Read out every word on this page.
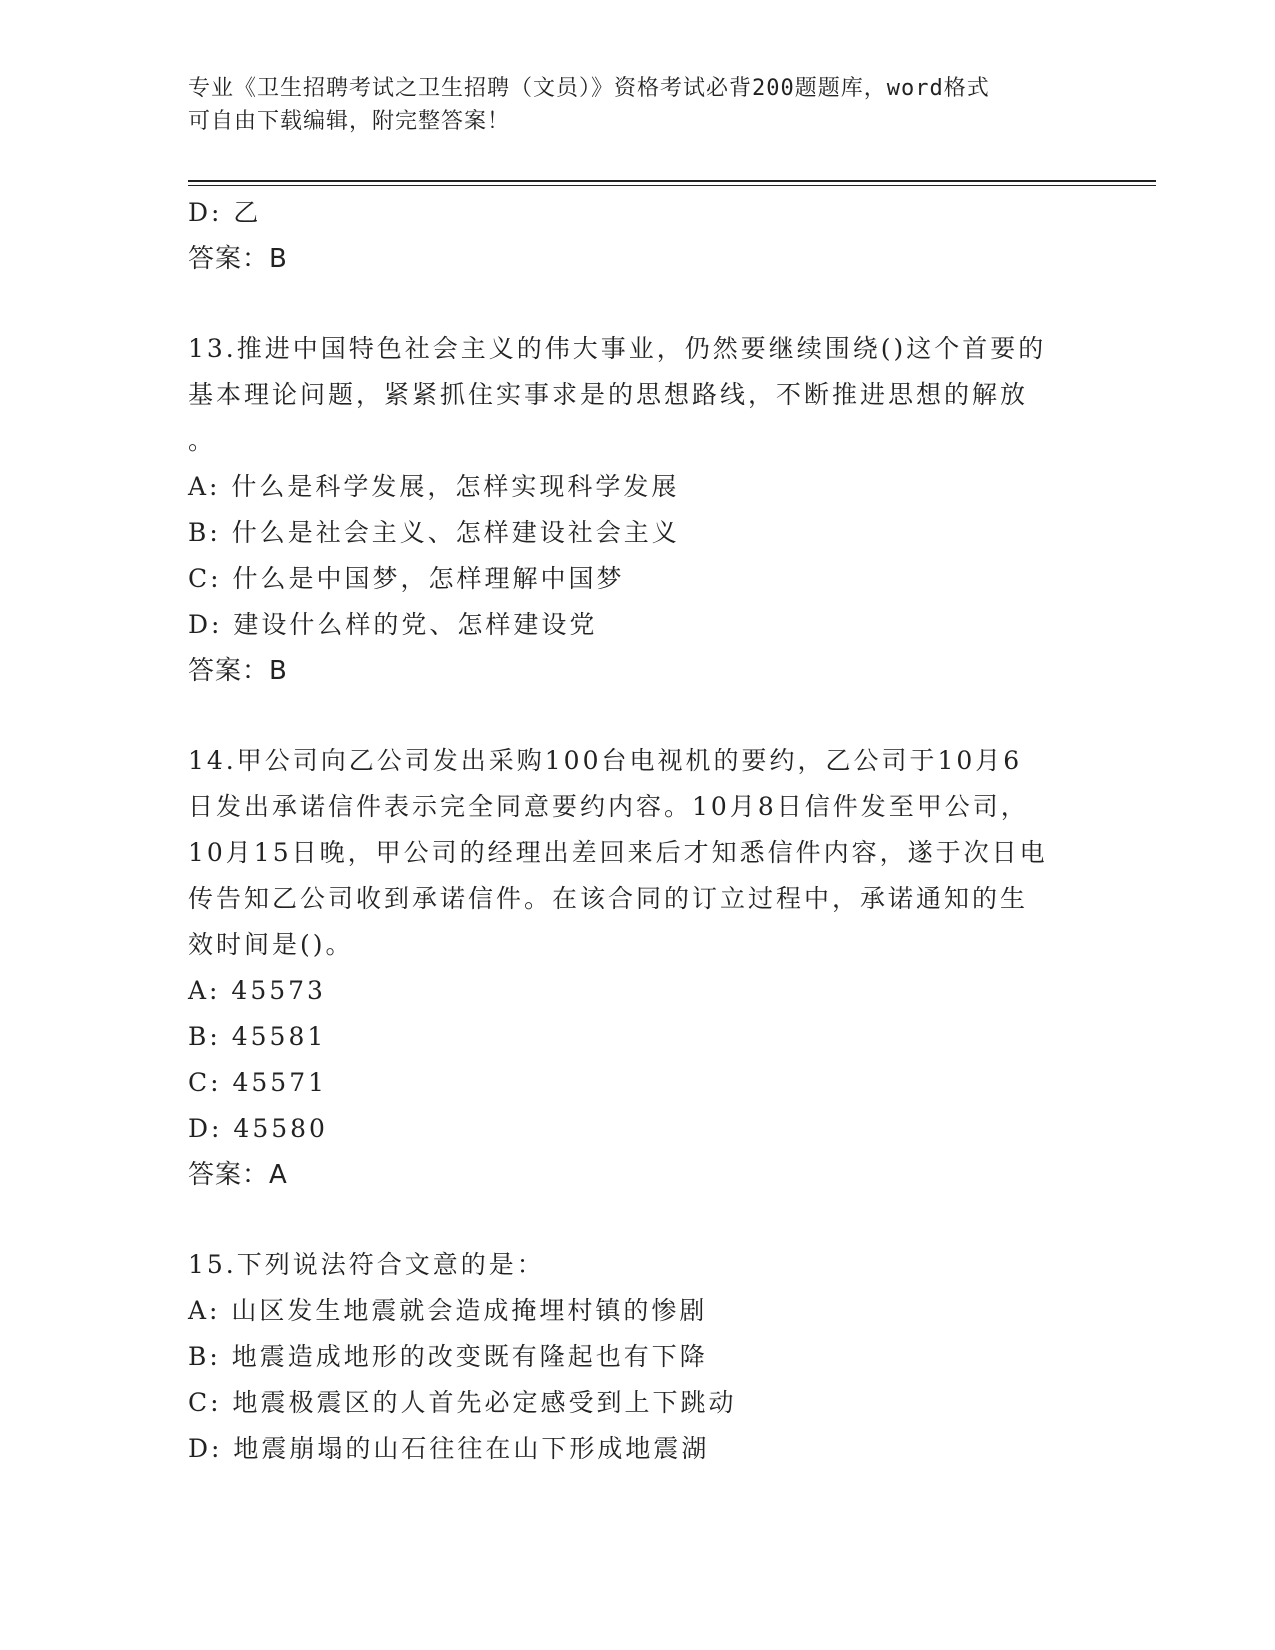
专业《卫生招聘考试之卫生招聘（文员）》资格考试必背200题题库，word格式
可自由下载编辑，附完整答案！
D: 乙
答案：B
13.推进中国特色社会主义的伟大事业，仍然要继续围绕()这个首要的
基本理论问题，紧紧抓住实事求是的思想路线，不断推进思想的解放
。
A: 什么是科学发展，怎样实现科学发展
B: 什么是社会主义、怎样建设社会主义
C: 什么是中国梦，怎样理解中国梦
D: 建设什么样的党、怎样建设党
答案：B
14.甲公司向乙公司发出采购100台电视机的要约，乙公司于10月6
日发出承诺信件表示完全同意要约内容。10月8日信件发至甲公司，
10月15日晚，甲公司的经理出差回来后才知悉信件内容，遂于次日电
传告知乙公司收到承诺信件。在该合同的订立过程中，承诺通知的生
效时间是()。
A: 45573
B: 45581
C: 45571
D: 45580
答案：A
15.下列说法符合文意的是：
A: 山区发生地震就会造成掩埋村镇的惨剧
B: 地震造成地形的改变既有隆起也有下降
C: 地震极震区的人首先必定感受到上下跳动
D: 地震崩塌的山石往往在山下形成地震湖
